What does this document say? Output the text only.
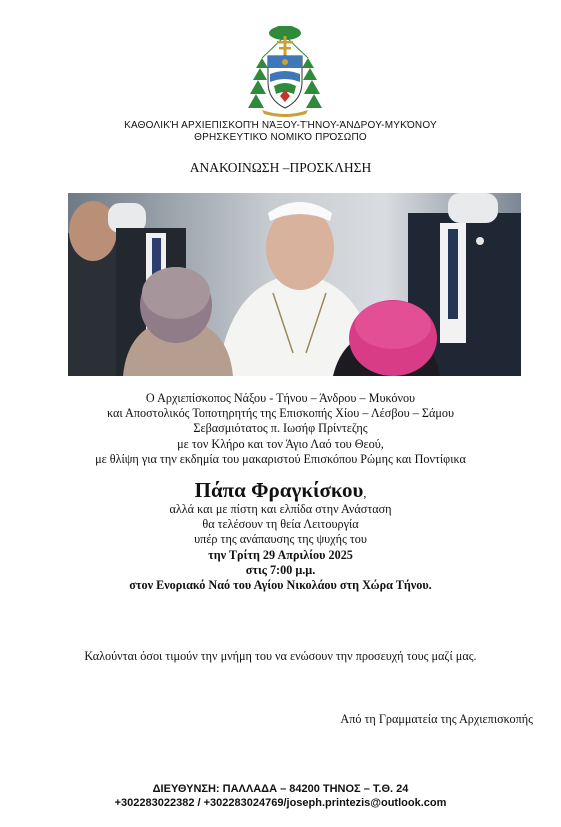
ΚΑΘΟΛΙΚΉ ΑΡΧΙΕΠΙΣΚΟΠΉ ΝΆΞΟΥ-ΤΉΝΟΥ-ΆΝΔΡΟΥ-ΜΥΚΌΝΟΥ
ΘΡΗΣΚΕΥΤΙΚΌ ΝΟΜΙΚΌ ΠΡΌΣΩΠΟ
ΑΝΑΚΟΙΝΩΣΗ –ΠΡΟΣΚΛΗΣΗ
Ο Αρχιεπίσκοπος Νάξου - Τήνου – Άνδρου – Μυκόνου
και Αποστολικός Τοποτηρητής της Επισκοπής Χίου – Λέσβου – Σάμου
Σεβασμιότατος π. Ιωσήφ Πρίντεζης
με τον Κλήρο και τον Άγιο Λαό του Θεού,
με θλίψη για την εκδημία του μακαριστού Επισκόπου Ρώμης και Ποντίφικα
Πάπα Φραγκίσκου,
αλλά και με πίστη και ελπίδα στην Ανάσταση
θα τελέσουν τη θεία Λειτουργία
υπέρ της ανάπαυσης της ψυχής του
την Τρίτη 29 Απριλίου 2025
στις 7:00 μ.μ.
στον Ενοριακό Ναό του Αγίου Νικολάου στη Χώρα Τήνου.
Καλούνται όσοι τιμούν την μνήμη του να ενώσουν την προσευχή τους μαζί μας.
Από τη Γραμματεία της Αρχιεπισκοπής
ΔΙΕΥΘΥΝΣΗ: ΠΑΛΛΑΔΑ – 84200 ΤΗΝΟΣ – Τ.Θ. 24
+302283022382 / +302283024769/joseph.printezis@outlook.com
